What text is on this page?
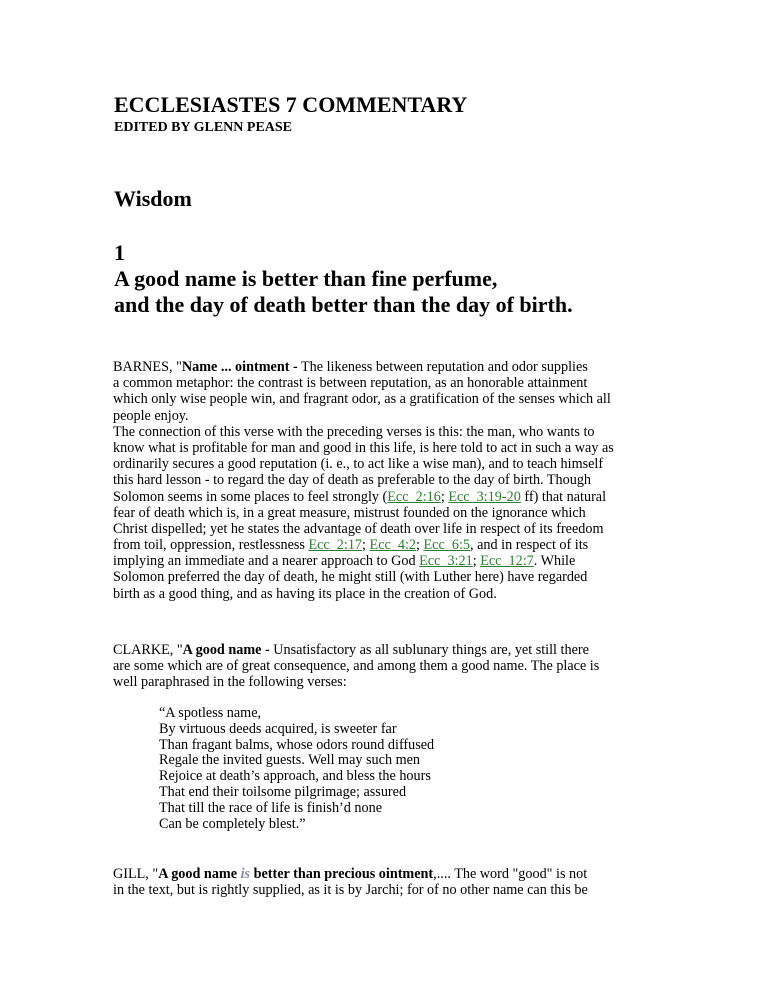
ECCLESIASTES 7 COMMENTARY
EDITED BY GLENN PEASE
Wisdom
1
A good name is better than fine perfume,
and the day of death better than the day of birth.
BARNES, "Name ... ointment - The likeness between reputation and odor supplies
a common metaphor: the contrast is between reputation, as an honorable attainment
which only wise people win, and fragrant odor, as a gratification of the senses which all
people enjoy.
The connection of this verse with the preceding verses is this: the man, who wants to
know what is profitable for man and good in this life, is here told to act in such a way as
ordinarily secures a good reputation (i. e., to act like a wise man), and to teach himself
this hard lesson - to regard the day of death as preferable to the day of birth. Though
Solomon seems in some places to feel strongly (Ecc_2:16; Ecc_3:19-20 ff) that natural
fear of death which is, in a great measure, mistrust founded on the ignorance which
Christ dispelled; yet he states the advantage of death over life in respect of its freedom
from toil, oppression, restlessness Ecc_2:17; Ecc_4:2; Ecc_6:5, and in respect of its
implying an immediate and a nearer approach to God Ecc_3:21; Ecc_12:7. While
Solomon preferred the day of death, he might still (with Luther here) have regarded
birth as a good thing, and as having its place in the creation of God.
CLARKE, "A good name - Unsatisfactory as all sublunary things are, yet still there
are some which are of great consequence, and among them a good name. The place is
well paraphrased in the following verses:
“A spotless name,
By virtuous deeds acquired, is sweeter far
Than fragant balms, whose odors round diffused
Regale the invited guests. Well may such men
Rejoice at death’s approach, and bless the hours
That end their toilsome pilgrimage; assured
That till the race of life is finish’d none
Can be completely blest.”
GILL, "A good name is better than precious ointment,.... The word "good" is not
in the text, but is rightly supplied, as it is by Jarchi; for of no other name can this be
